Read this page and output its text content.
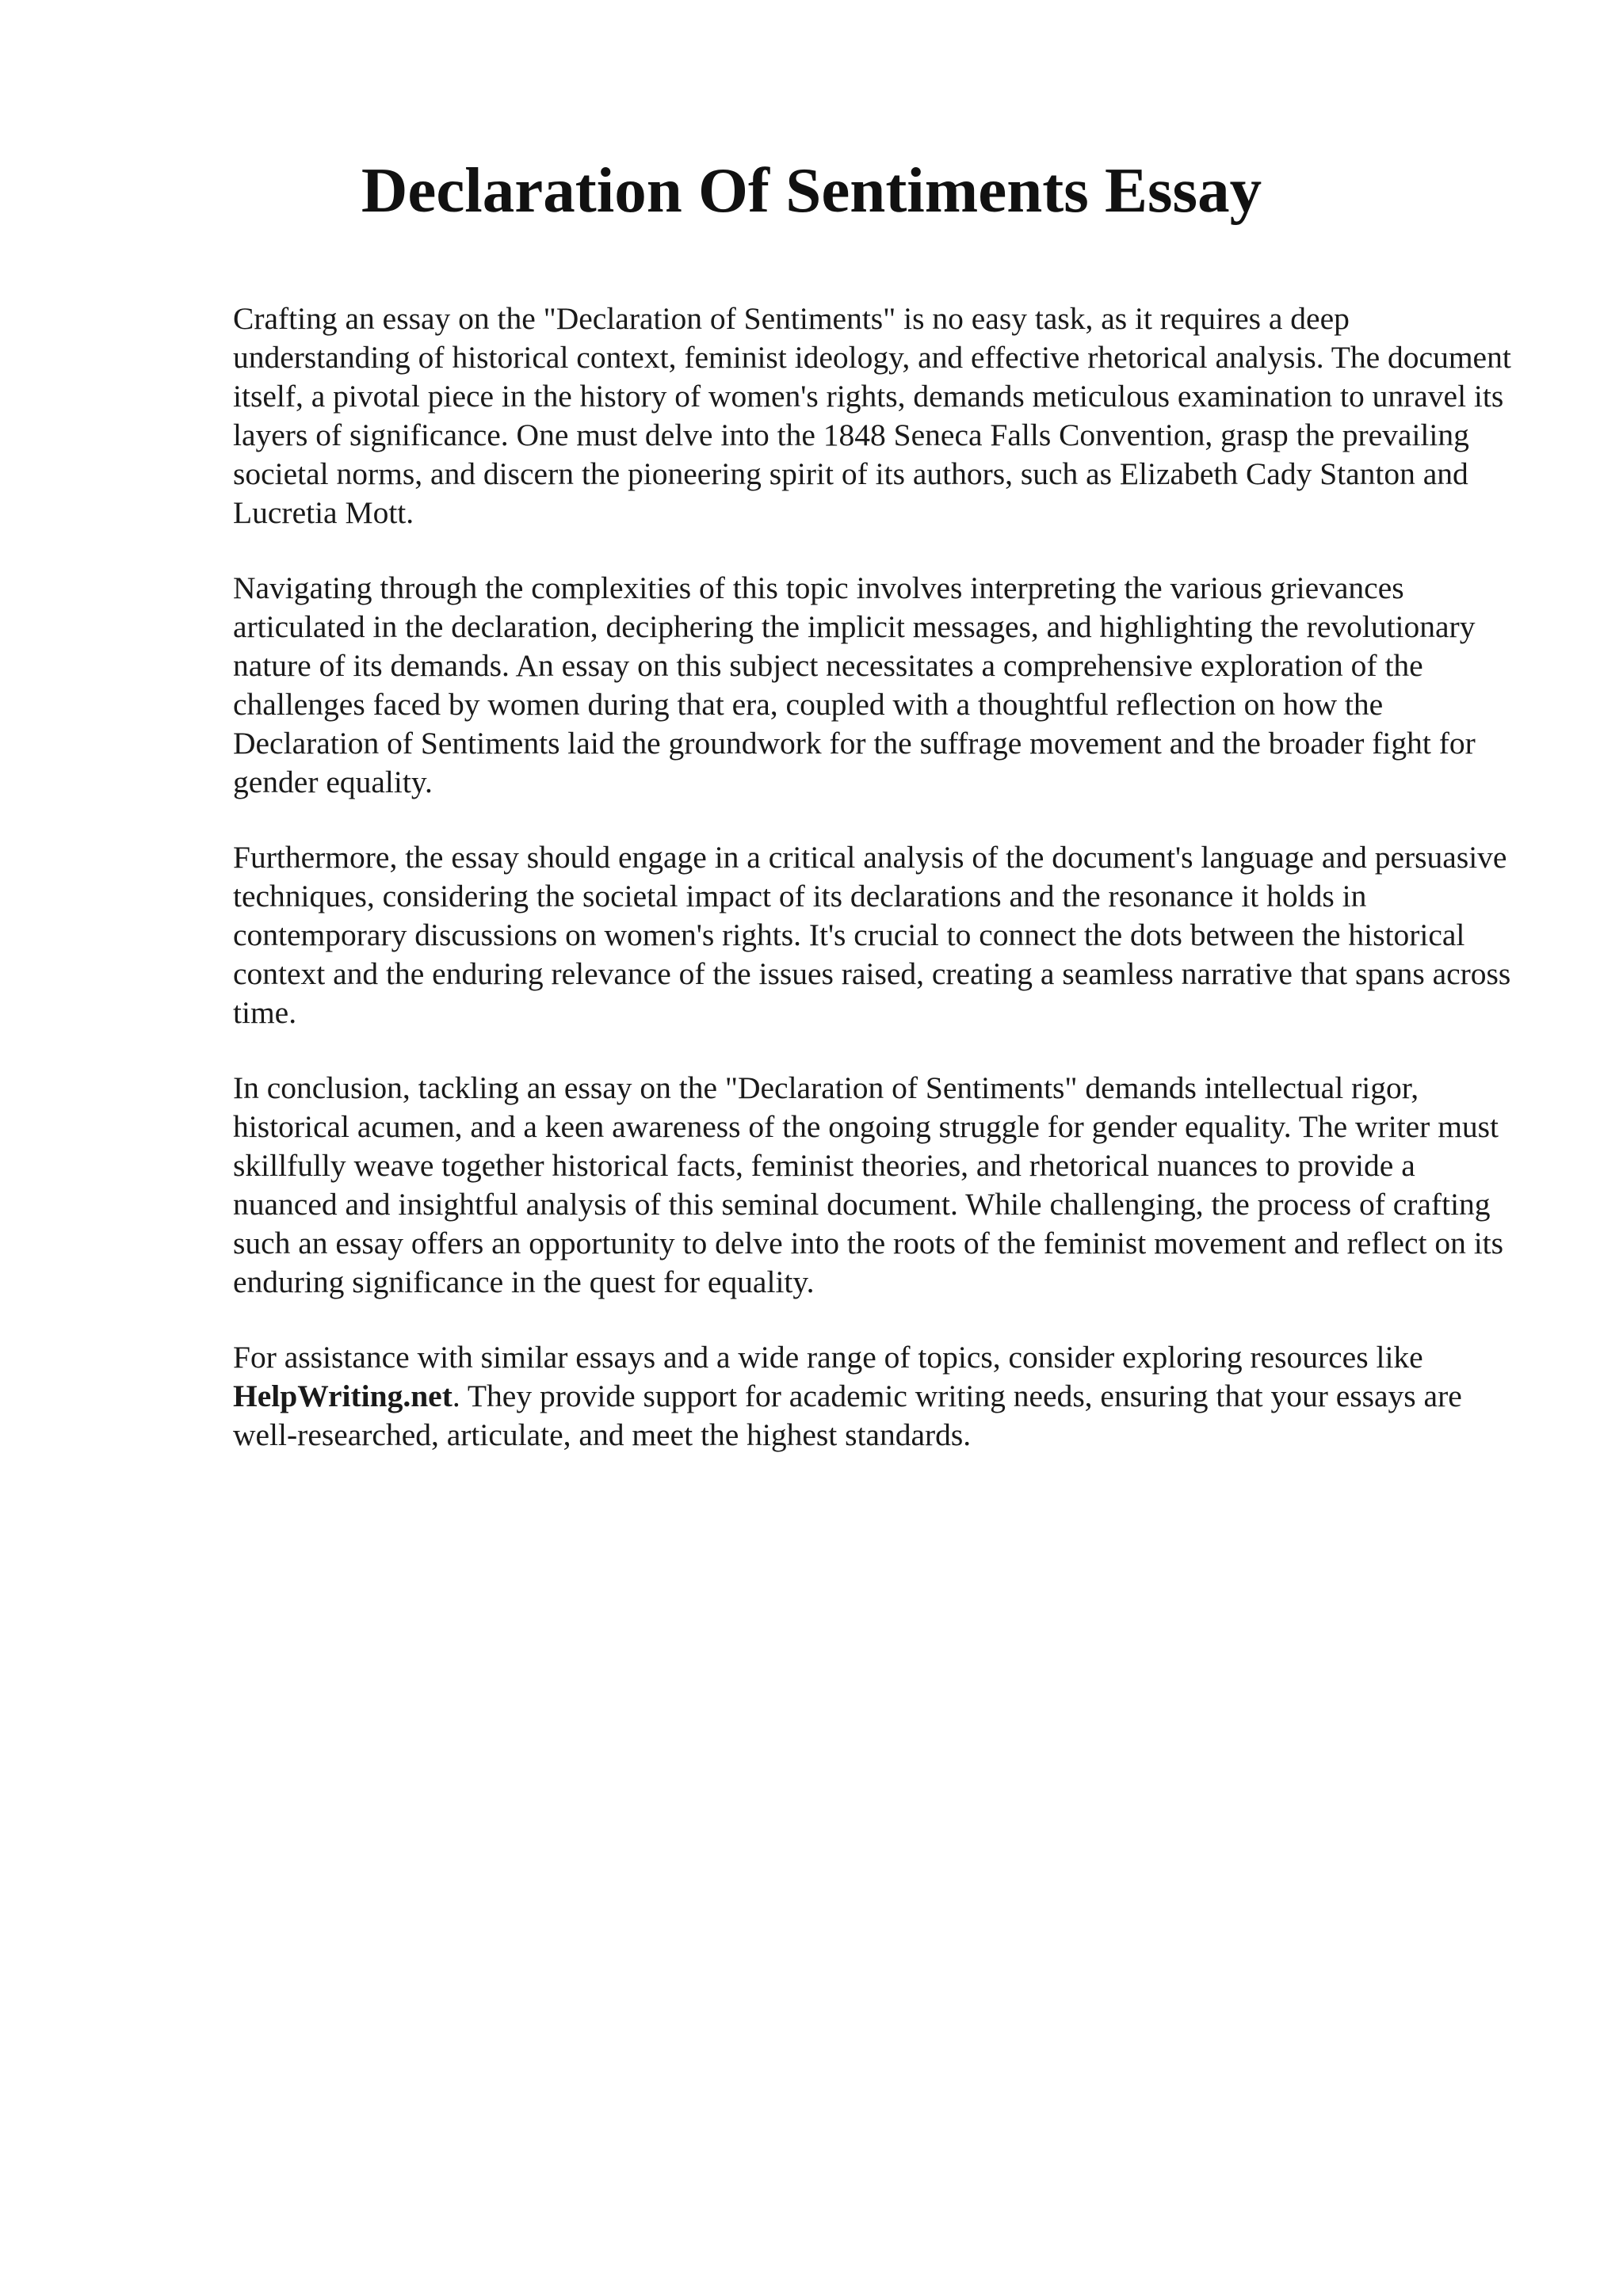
Declaration Of Sentiments Essay

Crafting an essay on the "Declaration of Sentiments" is no easy task, as it requires a deep understanding of historical context, feminist ideology, and effective rhetorical analysis. The document itself, a pivotal piece in the history of women's rights, demands meticulous examination to unravel its layers of significance. One must delve into the 1848 Seneca Falls Convention, grasp the prevailing societal norms, and discern the pioneering spirit of its authors, such as Elizabeth Cady Stanton and Lucretia Mott.

Navigating through the complexities of this topic involves interpreting the various grievances articulated in the declaration, deciphering the implicit messages, and highlighting the revolutionary nature of its demands. An essay on this subject necessitates a comprehensive exploration of the challenges faced by women during that era, coupled with a thoughtful reflection on how the Declaration of Sentiments laid the groundwork for the suffrage movement and the broader fight for gender equality.

Furthermore, the essay should engage in a critical analysis of the document's language and persuasive techniques, considering the societal impact of its declarations and the resonance it holds in contemporary discussions on women's rights. It's crucial to connect the dots between the historical context and the enduring relevance of the issues raised, creating a seamless narrative that spans across time.

In conclusion, tackling an essay on the "Declaration of Sentiments" demands intellectual rigor, historical acumen, and a keen awareness of the ongoing struggle for gender equality. The writer must skillfully weave together historical facts, feminist theories, and rhetorical nuances to provide a nuanced and insightful analysis of this seminal document. While challenging, the process of crafting such an essay offers an opportunity to delve into the roots of the feminist movement and reflect on its enduring significance in the quest for equality.

For assistance with similar essays and a wide range of topics, consider exploring resources like HelpWriting.net. They provide support for academic writing needs, ensuring that your essays are well-researched, articulate, and meet the highest standards.
